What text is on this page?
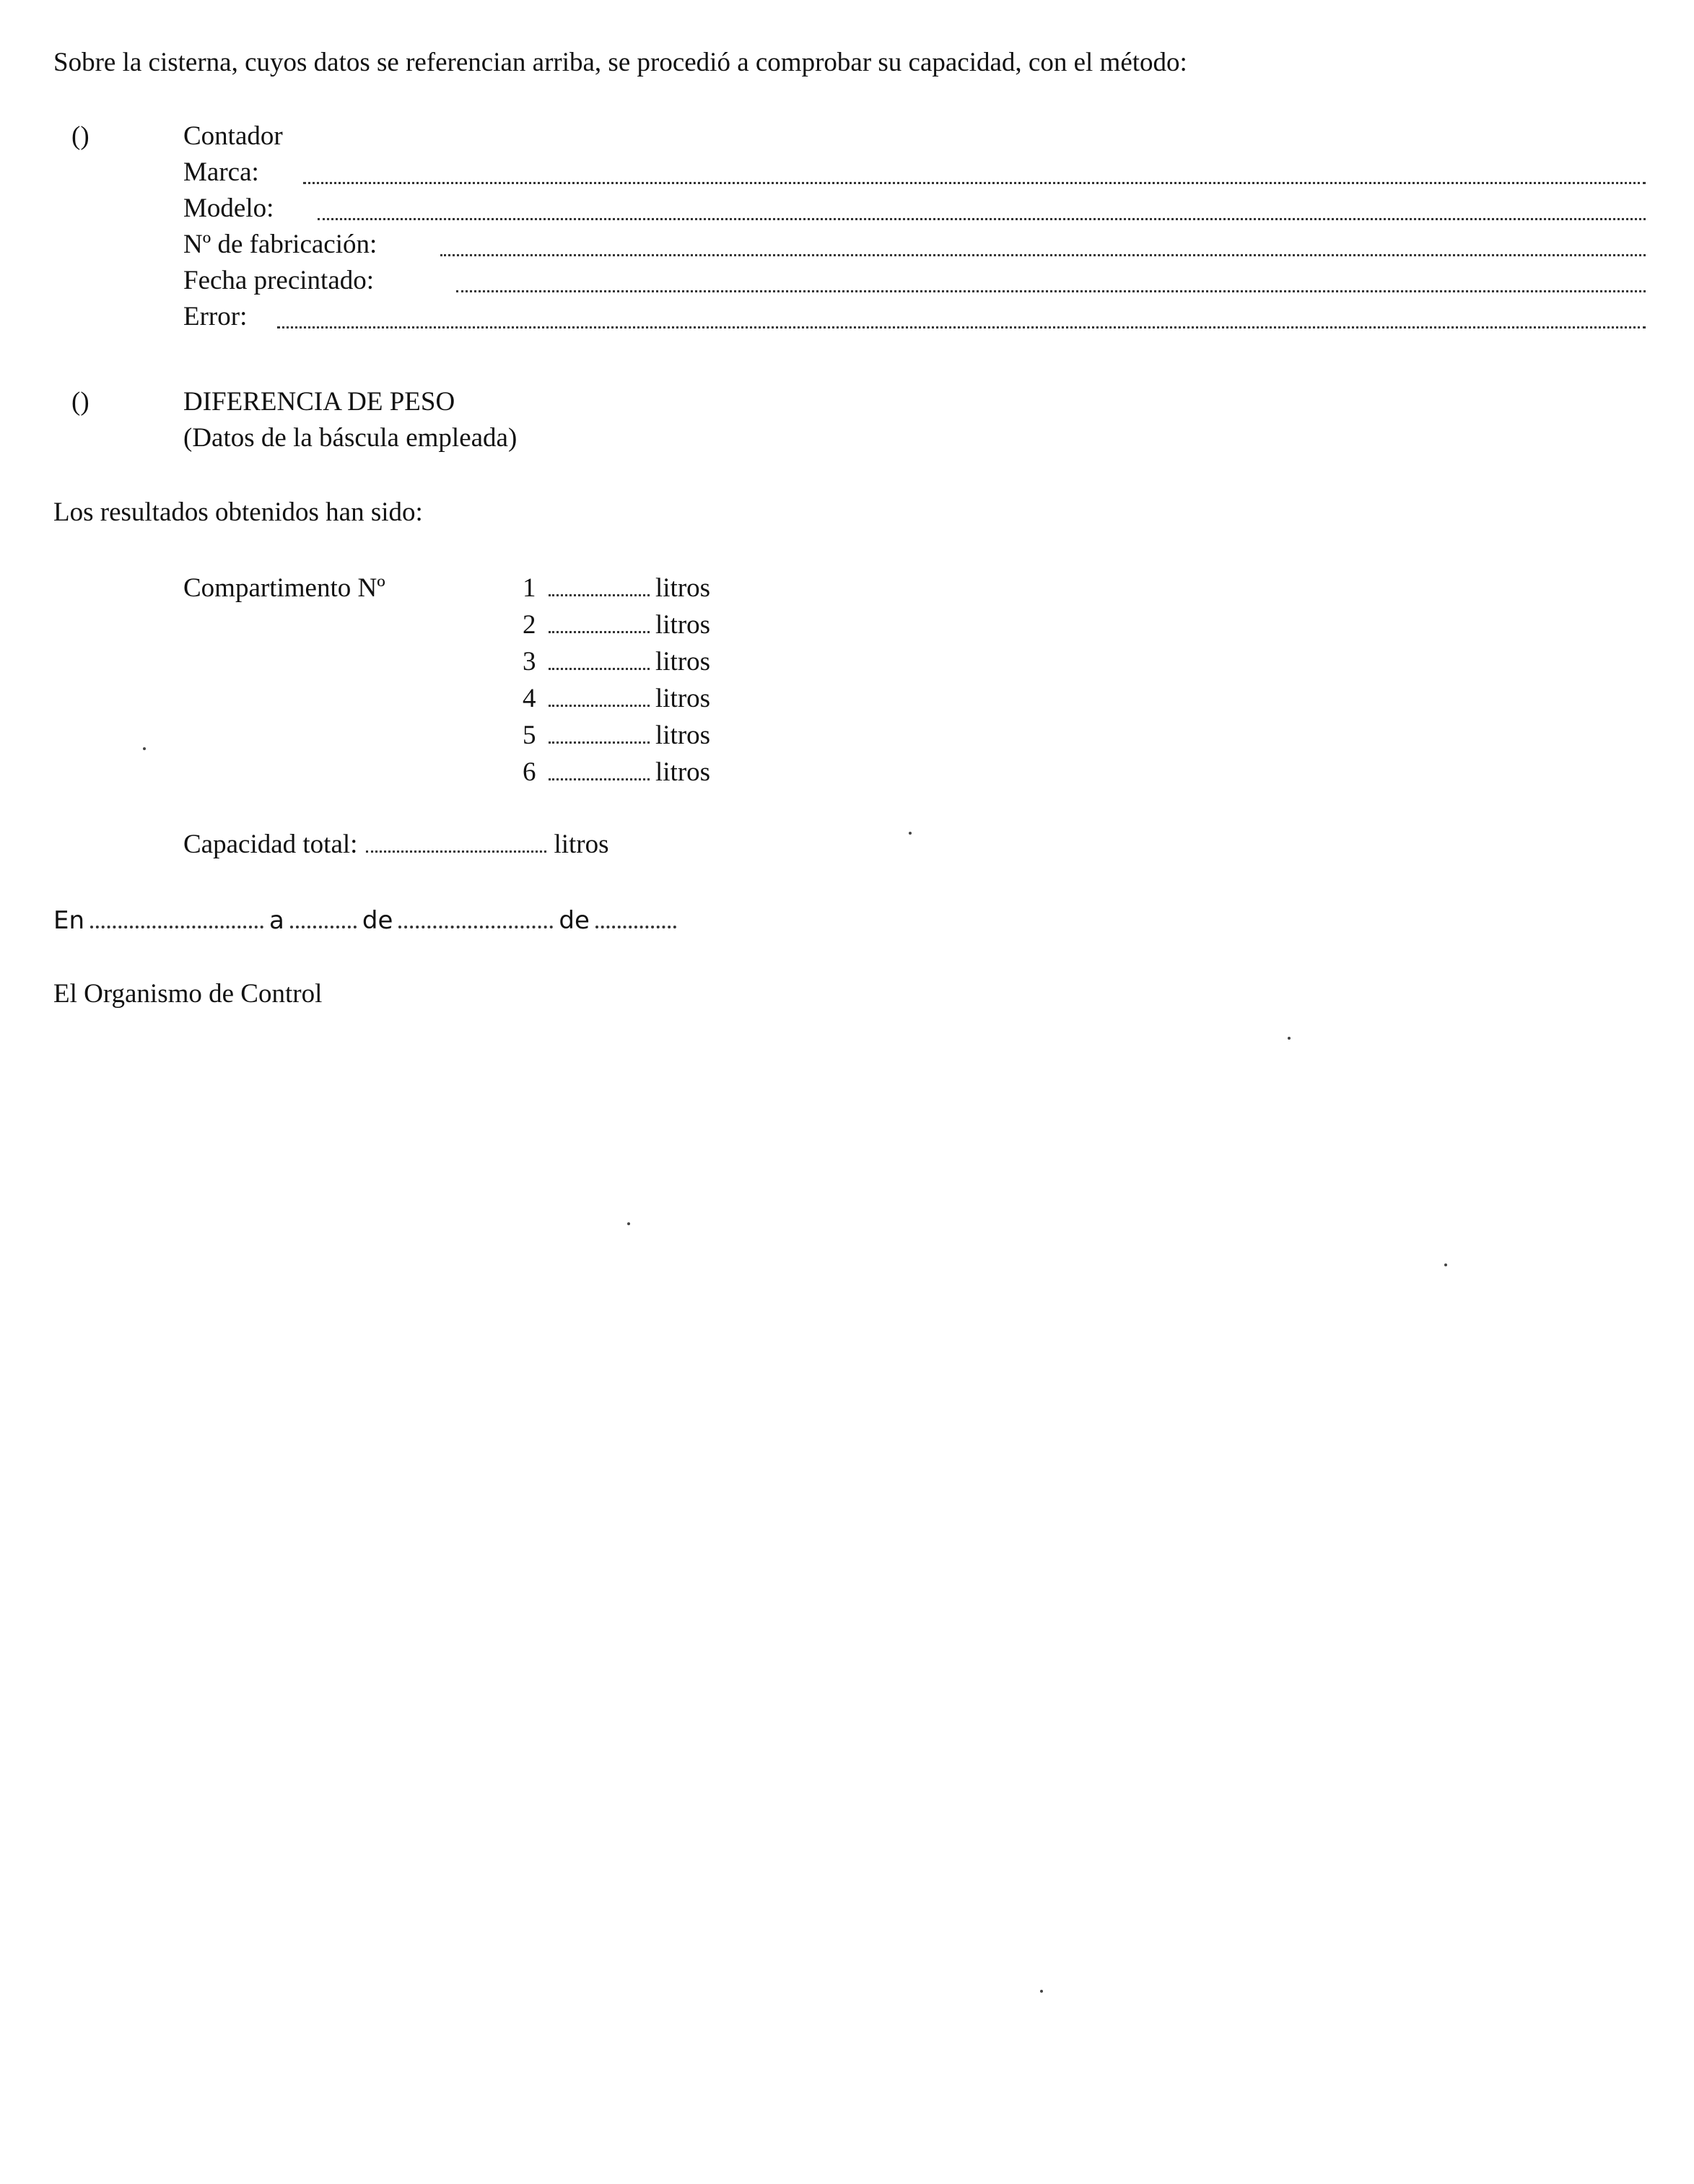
Sobre la cisterna, cuyos datos se referencian arriba, se procedió a comprobar su capacidad, con el método:
()	Contador
Marca:
Modelo:
Nº de fabricación:
Fecha precintado:
Error:
()	DIFERENCIA DE PESO
(Datos de la báscula empleada)
Los resultados obtenidos han sido:
Compartimento Nº	1	litros
2	litros
3	litros
4	litros
5	litros
6	litros
Capacidad total:	litros
En	a	de	de
El Organismo de Control
